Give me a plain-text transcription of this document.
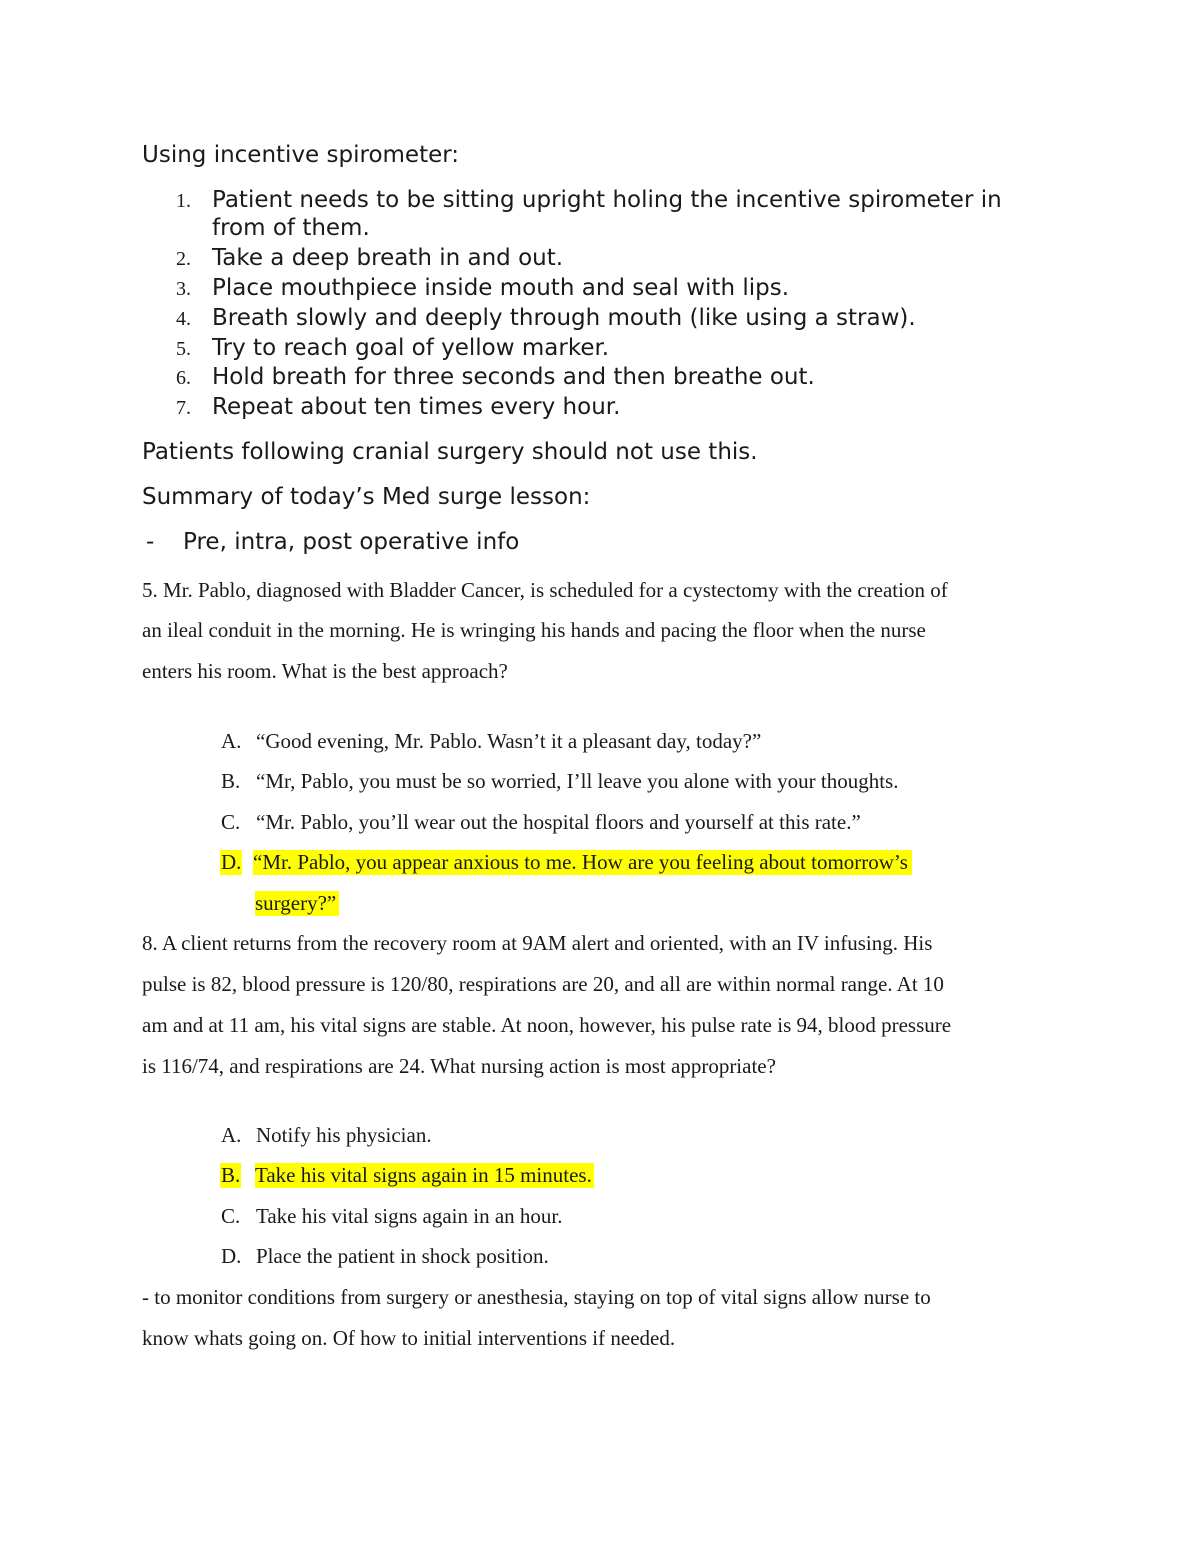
Using incentive spirometer:
1. Patient needs to be sitting upright holing the incentive spirometer in
from of them.
2. Take a deep breath in and out.
3. Place mouthpiece inside mouth and seal with lips.
4. Breath slowly and deeply through mouth (like using a straw).
5. Try to reach goal of yellow marker.
6. Hold breath for three seconds and then breathe out.
7. Repeat about ten times every hour.
Patients following cranial surgery should not use this.
Summary of today’s Med surge lesson:
- Pre, intra, post operative info
5. Mr. Pablo, diagnosed with Bladder Cancer, is scheduled for a cystectomy with the creation of
an ileal conduit in the morning. He is wringing his hands and pacing the floor when the nurse
enters his room. What is the best approach?
A. “Good evening, Mr. Pablo. Wasn’t it a pleasant day, today?”
B. “Mr, Pablo, you must be so worried, I’ll leave you alone with your thoughts.
C. “Mr. Pablo, you’ll wear out the hospital floors and yourself at this rate.”
D. “Mr. Pablo, you appear anxious to me. How are you feeling about tomorrow’s
surgery?”
8. A client returns from the recovery room at 9AM alert and oriented, with an IV infusing. His
pulse is 82, blood pressure is 120/80, respirations are 20, and all are within normal range. At 10
am and at 11 am, his vital signs are stable. At noon, however, his pulse rate is 94, blood pressure
is 116/74, and respirations are 24. What nursing action is most appropriate?
A. Notify his physician.
B. Take his vital signs again in 15 minutes.
C. Take his vital signs again in an hour.
D. Place the patient in shock position.
- to monitor conditions from surgery or anesthesia, staying on top of vital signs allow nurse to
know whats going on. Of how to initial interventions if needed.
